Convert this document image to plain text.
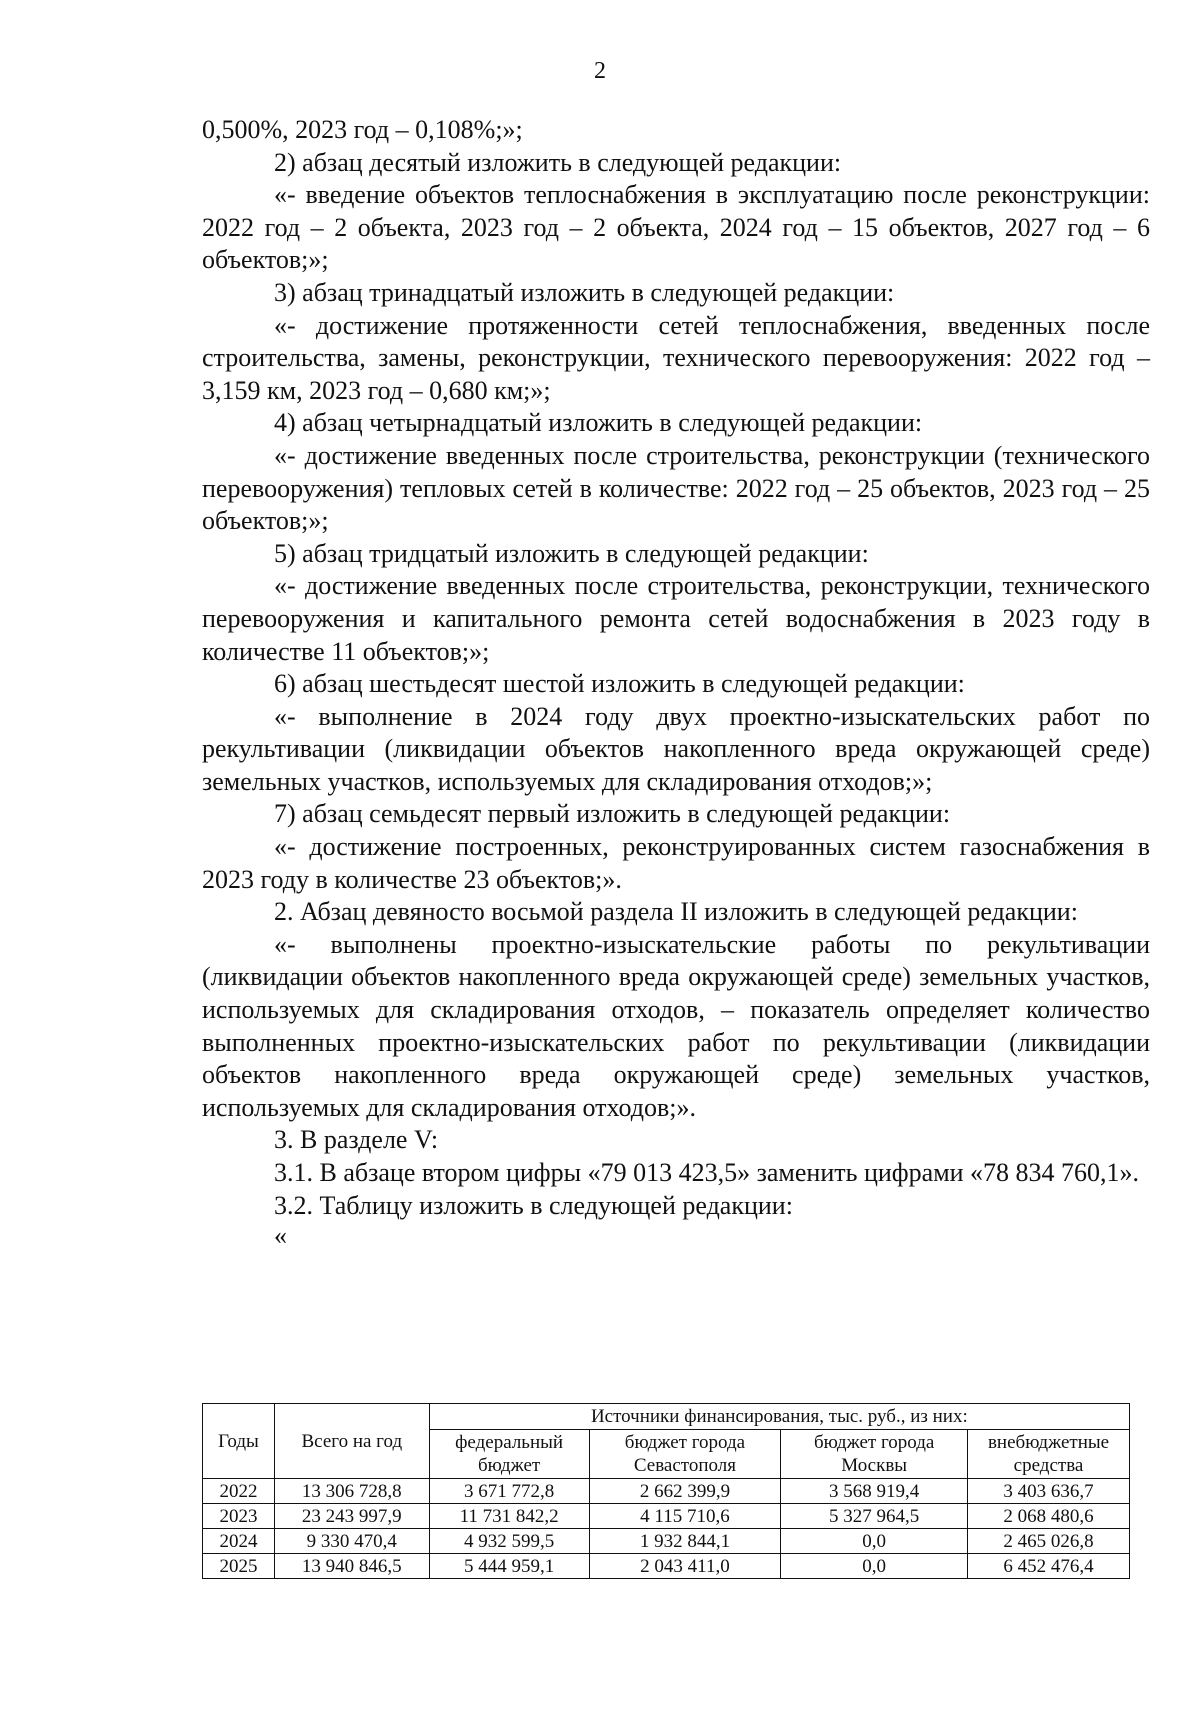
2

0,500%, 2023 год – 0,108%;»;

2) абзац десятый изложить в следующей редакции:

«- введение объектов теплоснабжения в эксплуатацию после реконструкции: 2022 год – 2 объекта, 2023 год – 2 объекта, 2024 год – 15 объектов, 2027 год – 6 объектов;»;

3) абзац тринадцатый изложить в следующей редакции:

«- достижение протяженности сетей теплоснабжения, введенных после строительства, замены, реконструкции, технического перевооружения: 2022 год – 3,159 км, 2023 год – 0,680 км;»;

4) абзац четырнадцатый изложить в следующей редакции:

«- достижение введенных после строительства, реконструкции (технического перевооружения) тепловых сетей в количестве: 2022 год – 25 объектов, 2023 год – 25 объектов;»;

5) абзац тридцатый изложить в следующей редакции:

«- достижение введенных после строительства, реконструкции, технического перевооружения и капитального ремонта сетей водоснабжения в 2023 году в количестве 11 объектов;»;

6) абзац шестьдесят шестой изложить в следующей редакции:

«- выполнение в 2024 году двух проектно-изыскательских работ по рекультивации (ликвидации объектов накопленного вреда окружающей среде) земельных участков, используемых для складирования отходов;»;

7) абзац семьдесят первый изложить в следующей редакции:

«- достижение построенных, реконструированных систем газоснабжения в 2023 году в количестве 23 объектов;».

2. Абзац девяносто восьмой раздела II изложить в следующей редакции:

«- выполнены проектно-изыскательские работы по рекультивации (ликвидации объектов накопленного вреда окружающей среде) земельных участков, используемых для складирования отходов, – показатель определяет количество выполненных проектно-изыскательских работ по рекультивации (ликвидации объектов накопленного вреда окружающей среде) земельных участков, используемых для складирования отходов;».

3. В разделе V:

3.1. В абзаце втором цифры «79 013 423,5» заменить цифрами «78 834 760,1».

3.2. Таблицу изложить в следующей редакции:

«

Годы	Всего на год	Источники финансирования, тыс. руб., из них:			
		федеральный бюджет	бюджет города Севастополя	бюджет города Москвы	внебюджетные средства
2022	13 306 728,8	3 671 772,8	2 662 399,9	3 568 919,4	3 403 636,7
2023	23 243 997,9	11 731 842,2	4 115 710,6	5 327 964,5	2 068 480,6
2024	9 330 470,4	4 932 599,5	1 932 844,1	0,0	2 465 026,8
2025	13 940 846,5	5 444 959,1	2 043 411,0	0,0	6 452 476,4
